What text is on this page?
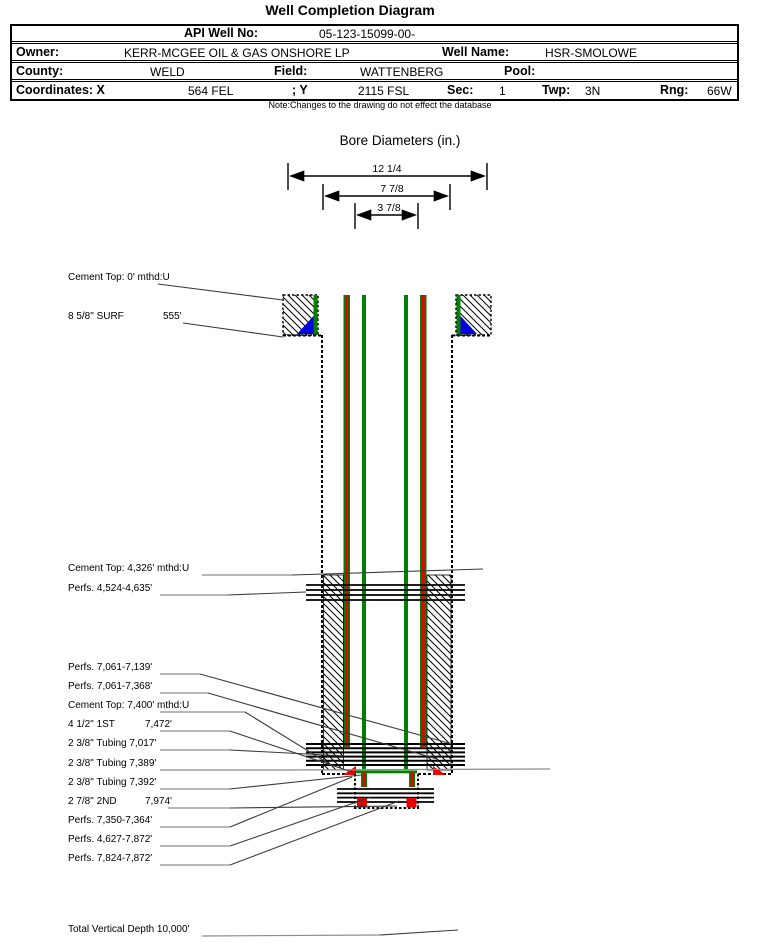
Well Completion Diagram
API Well No:	05-123-15099-00-
Owner:	KERR-MCGEE OIL & GAS ONSHORE LP	Well Name:	HSR-SMOLOWE
County:	WELD	Field:	WATTENBERG	Pool:
Coordinates: X	564 FEL	; Y	2115 FSL	Sec: 1	Twp: 3N	Rng: 66W
Note:Changes to the drawing do not effect the database
Bore Diameters (in.)
Cement Top: 0' mthd:U
8 5/8" SURF	555'
Cement Top: 4,326' mthd:U
Perfs. 4,524-4,635'
Perfs. 7,061-7,139'
Perfs. 7,061-7,368'
Cement Top: 7,400' mthd:U
4 1/2" 1ST	7,472'
2 3/8" Tubing 7,017'
2 3/8" Tubing 7,389'
2 3/8" Tubing 7,392'
2 7/8" 2ND	7,974'
Perfs. 7,350-7,364'
Perfs. 4,627-7,872'
Perfs. 7,824-7,872'
Total Vertical Depth 10,000'
12 1/4
7 7/8
3 7/8
